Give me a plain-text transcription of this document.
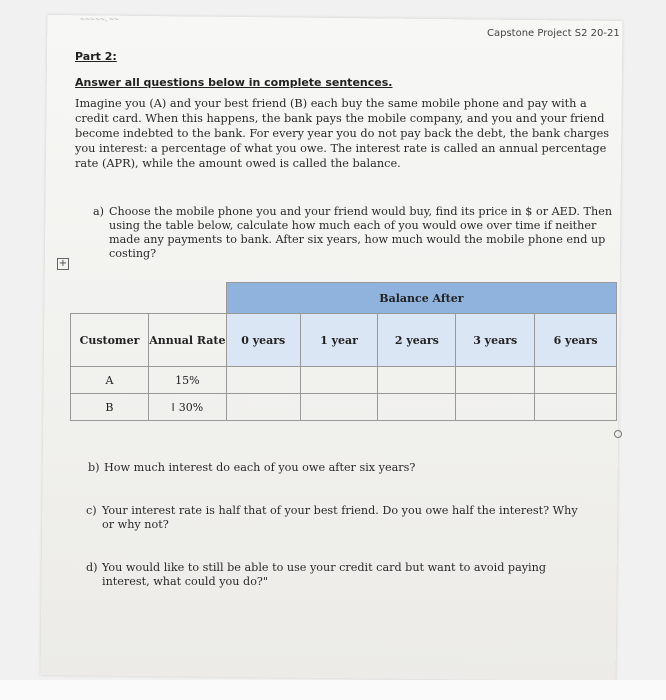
~~~~~, ~~
Capstone Project S2 20-21
Part 2:
Answer all questions below in complete sentences.
Imagine you (A) and your best friend (B) each buy the same mobile phone and pay with a credit card. When this happens, the bank pays the mobile company, and you and your friend become indebted to the bank. For every year you do not pay back the debt, the bank charges you interest: a percentage of what you owe. The interest rate is called an annual percentage rate (APR), while the amount owed is called the balance.
a) Choose the mobile phone you and your friend would buy, find its price in $ or AED. Then using the table below, calculate how much each of you would owe over time if neither made any payments to bank. After six years, how much would the mobile phone end up costing?
+
		Balance After				
Customer	Annual Rate	0 years	1 year	2 years	3 years	6 years
A	15%					
B	I 30%					
b) How much interest do each of you owe after six years?
c) Your interest rate is half that of your best friend. Do you owe half the interest? Why or why not?
d) You would like to still be able to use your credit card but want to avoid paying interest, what could you do?"
